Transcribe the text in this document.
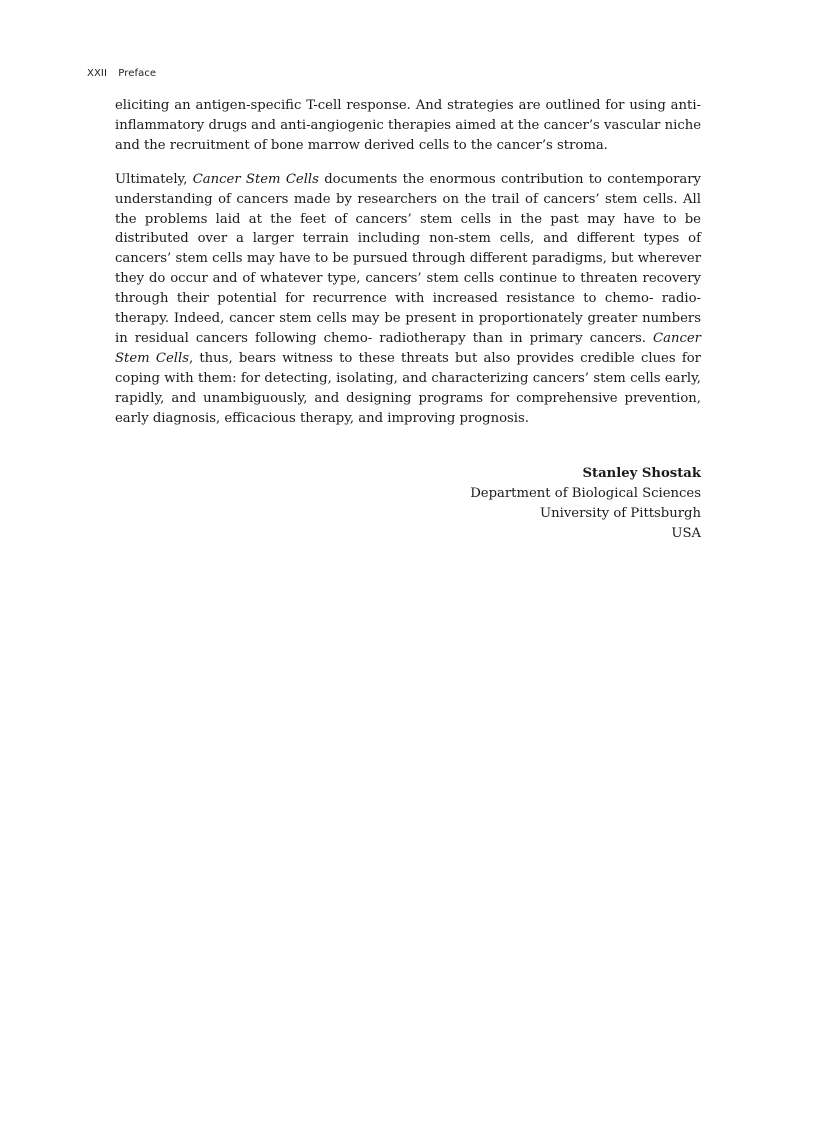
XXII Preface

eliciting an antigen-specific T-cell response. And strategies are outlined for using anti-inflammatory drugs and anti-angiogenic therapies aimed at the cancer’s vascular niche and the recruitment of bone marrow derived cells to the cancer’s stroma.

Ultimately, Cancer Stem Cells documents the enormous contribution to contemporary understanding of cancers made by researchers on the trail of cancers’ stem cells. All the problems laid at the feet of cancers’ stem cells in the past may have to be distributed over a larger terrain including non-stem cells, and different types of cancers’ stem cells may have to be pursued through different paradigms, but wherever they do occur and of whatever type, cancers’ stem cells continue to threaten recovery through their potential for recurrence with increased resistance to chemo- radio-therapy. Indeed, cancer stem cells may be present in proportionately greater numbers in residual cancers following chemo- radiotherapy than in primary cancers. Cancer Stem Cells, thus, bears witness to these threats but also provides credible clues for coping with them: for detecting, isolating, and characterizing cancers’ stem cells early, rapidly, and unambiguously, and designing programs for comprehensive prevention, early diagnosis, efficacious therapy, and improving prognosis.

Stanley Shostak
Department of Biological Sciences
University of Pittsburgh
USA
